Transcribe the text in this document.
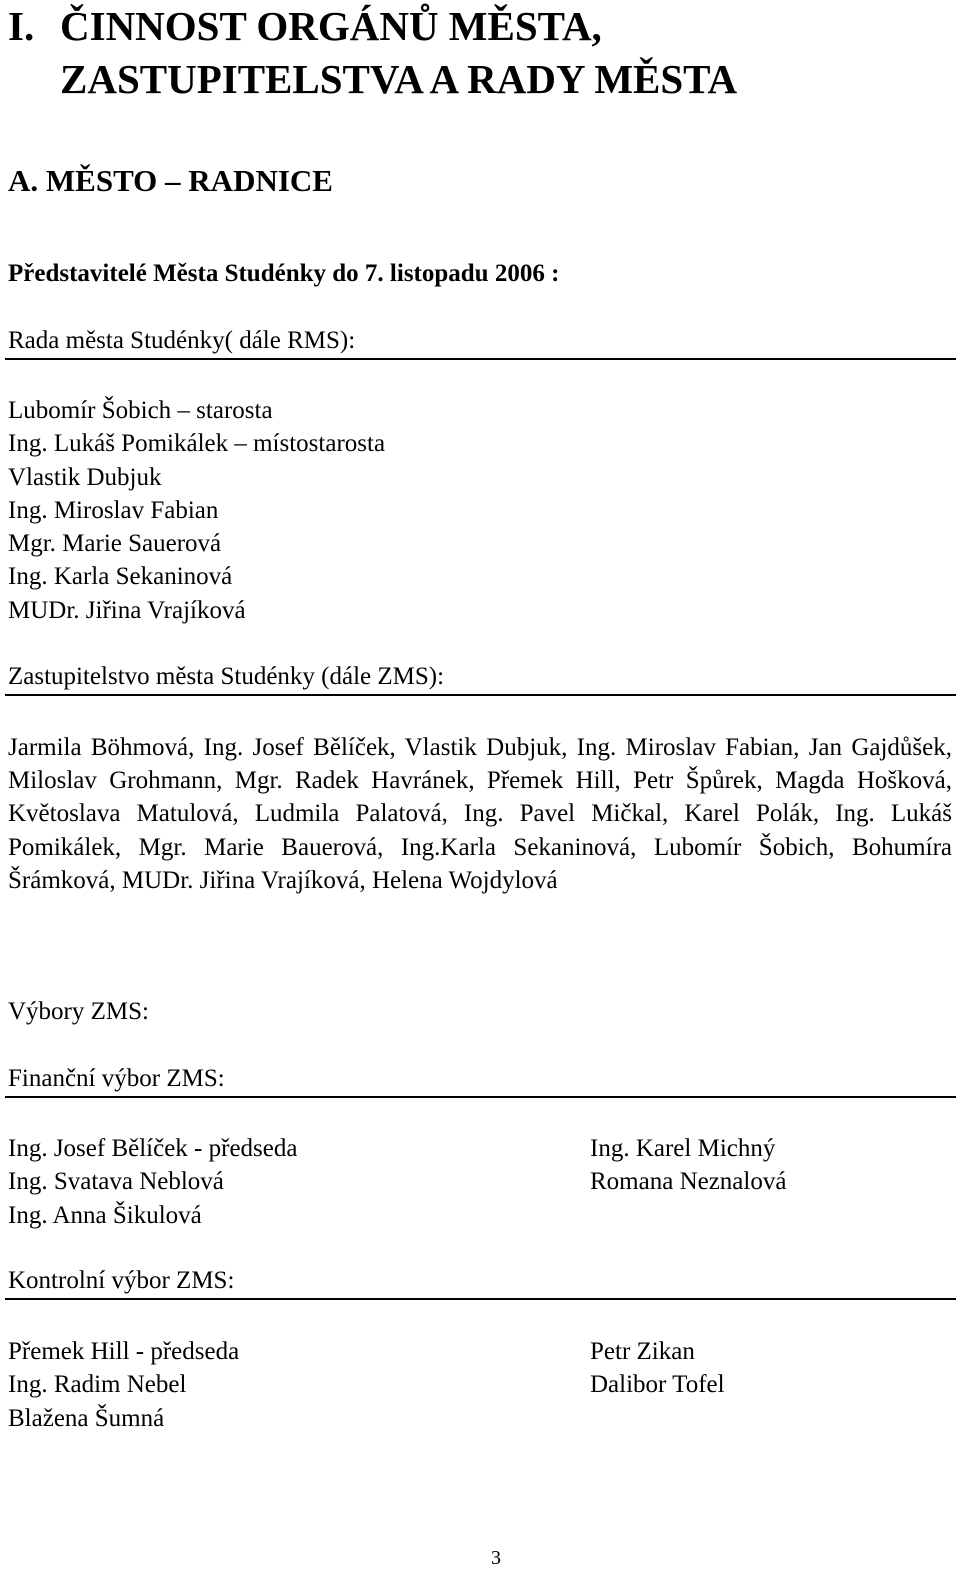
I. ČINNOST ORGÁNŮ MĚSTA,
ZASTUPITELSTVA A RADY MĚSTA
A. MĚSTO – RADNICE
Představitelé Města Studénky do 7. listopadu 2006 :
Rada města Studénky( dále RMS):
Lubomír Šobich – starosta
Ing. Lukáš Pomikálek – místostarosta
Vlastik Dubjuk
Ing. Miroslav Fabian
Mgr. Marie Sauerová
Ing. Karla Sekaninová
MUDr. Jiřina Vrajíková
Zastupitelstvo města Studénky (dále ZMS):
Jarmila Böhmová, Ing. Josef Bělíček, Vlastik Dubjuk, Ing. Miroslav Fabian, Jan Gajdůšek, Miloslav Grohmann, Mgr. Radek Havránek, Přemek Hill, Petr Špůrek, Magda Hošková, Květoslava Matulová, Ludmila Palatová, Ing. Pavel Mičkal, Karel Polák, Ing. Lukáš Pomikálek, Mgr. Marie Bauerová, Ing.Karla Sekaninová, Lubomír Šobich, Bohumíra Šrámková, MUDr. Jiřina Vrajíková, Helena Wojdylová
Výbory ZMS:
Finanční výbor ZMS:
Ing. Josef Bělíček - předseda
Ing. Svatava Neblová
Ing. Anna Šikulová
Ing. Karel Michný
Romana Neznalová
Kontrolní výbor ZMS:
Přemek Hill - předseda
Ing. Radim Nebel
Blažena Šumná
Petr Zikan
Dalibor Tofel
3
